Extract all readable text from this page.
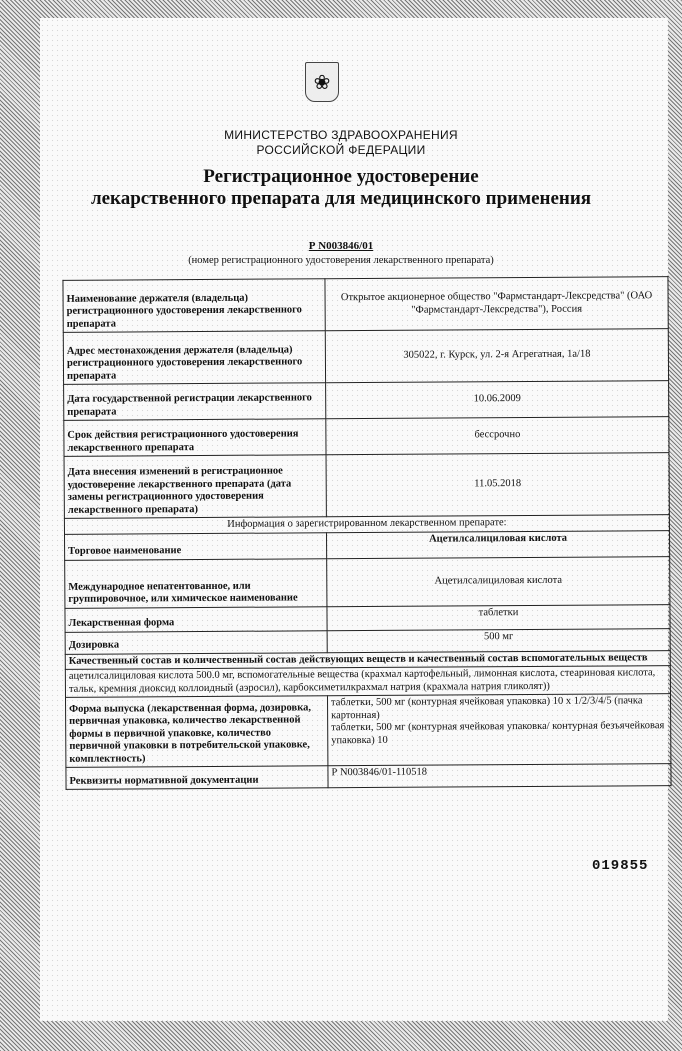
❀
МИНИСТЕРСТВО ЗДРАВООХРАНЕНИЯ
РОССИЙСКОЙ ФЕДЕРАЦИИ
Регистрационное удостоверение
лекарственного препарата для медицинского применения
Р N003846/01
(номер регистрационного удостоверения лекарственного препарата)
Наименование держателя (владельца) регистрационного удостоверения лекарственного препарата	Открытое акционерное общество "Фармстандарт-Лексредства" (ОАО "Фармстандарт-Лексредства"), Россия
Адрес местонахождения держателя (владельца) регистрационного удостоверения лекарственного препарата	305022, г. Курск, ул. 2-я Агрегатная, 1а/18
Дата государственной регистрации лекарственного препарата	10.06.2009
Срок действия регистрационного удостоверения лекарственного препарата	бессрочно
Дата внесения изменений в регистрационное удостоверение лекарственного препарата (дата замены регистрационного удостоверения лекарственного препарата)	11.05.2018
Информация о зарегистрированном лекарственном препарате:	
Торговое наименование	Ацетилсалициловая кислота
Международное непатентованное, или группировочное, или химическое наименование	Ацетилсалициловая кислота
Лекарственная форма	таблетки
Дозировка	500 мг
Качественный состав и количественный состав действующих веществ и качественный состав вспомогательных веществ	
ацетилсалициловая кислота 500.0 мг, вспомогательные вещества (крахмал картофельный, лимонная кислота, стеариновая кислота, тальк, кремния диоксид коллоидный (аэросил), карбоксиметилкрахмал натрия (крахмала натрия гликолят))	
Форма выпуска (лекарственная форма, дозировка, первичная упаковка, количество лекарственной формы в первичной упаковке, количество первичной упаковки в потребительской упаковке, комплектность)	таблетки, 500 мг (контурная ячейковая упаковка) 10 x 1/2/3/4/5 (пачка картонная)
таблетки, 500 мг (контурная ячейковая упаковка/ контурная безъячейковая упаковка) 10

Реквизиты нормативной документации	Р N003846/01-110518
019855
